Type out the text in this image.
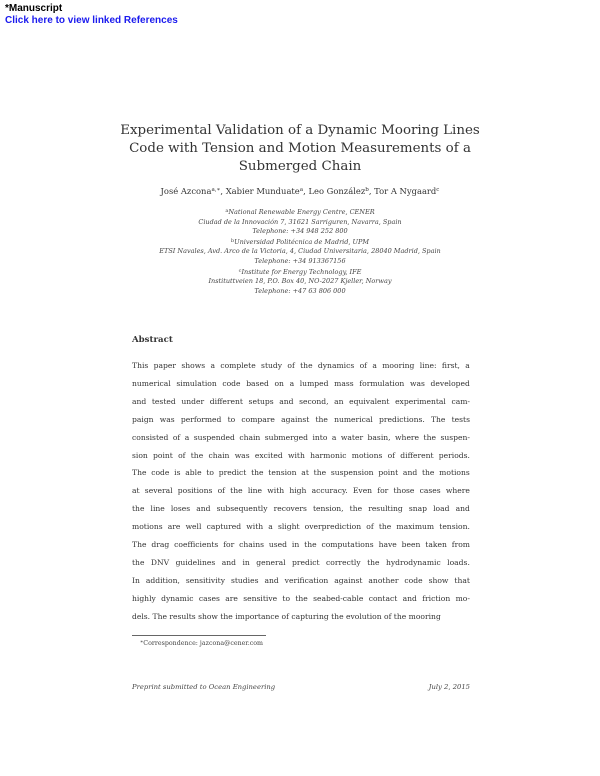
*Manuscript
Click here to view linked References
Experimental Validation of a Dynamic Mooring Lines
Code with Tension and Motion Measurements of a
Submerged Chain
José Azcona$^{a,∗}$, Xabier Munduate$^a$, Leo González$^b$, Tor A Nygaard$^c$
$^a$National Renewable Energy Centre, CENER
Ciudad de la Innovación 7, 31621 Sarriguren, Navarra, Spain
Telephone: +34 948 252 800
$^b$Universidad Politécnica de Madrid, UPM
ETSI Navales, Avd. Arco de la Victoria, 4, Ciudad Universitaria, 28040 Madrid, Spain
Telephone: +34 913367156
$^c$Institute for Energy Technology, IFE
Instituttveien 18, P.O. Box 40, NO-2027 Kjeller, Norway
Telephone: +47 63 806 000
Abstract
This paper shows a complete study of the dynamics of a mooring line: first, a
numerical simulation code based on a lumped mass formulation was developed
and tested under different setups and second, an equivalent experimental cam-
paign was performed to compare against the numerical predictions. The tests
consisted of a suspended chain submerged into a water basin, where the suspen-
sion point of the chain was excited with harmonic motions of different periods.
The code is able to predict the tension at the suspension point and the motions
at several positions of the line with high accuracy. Even for those cases where
the line loses and subsequently recovers tension, the resulting snap load and
motions are well captured with a slight overprediction of the maximum tension.
The drag coefficients for chains used in the computations have been taken from
the DNV guidelines and in general predict correctly the hydrodynamic loads.
In addition, sensitivity studies and verification against another code show that
highly dynamic cases are sensitive to the seabed-cable contact and friction mo-
dels. The results show the importance of capturing the evolution of the mooring
∗Correspondence: jazcona@cener.com
Preprint submitted to Ocean Engineering	July 2, 2015
